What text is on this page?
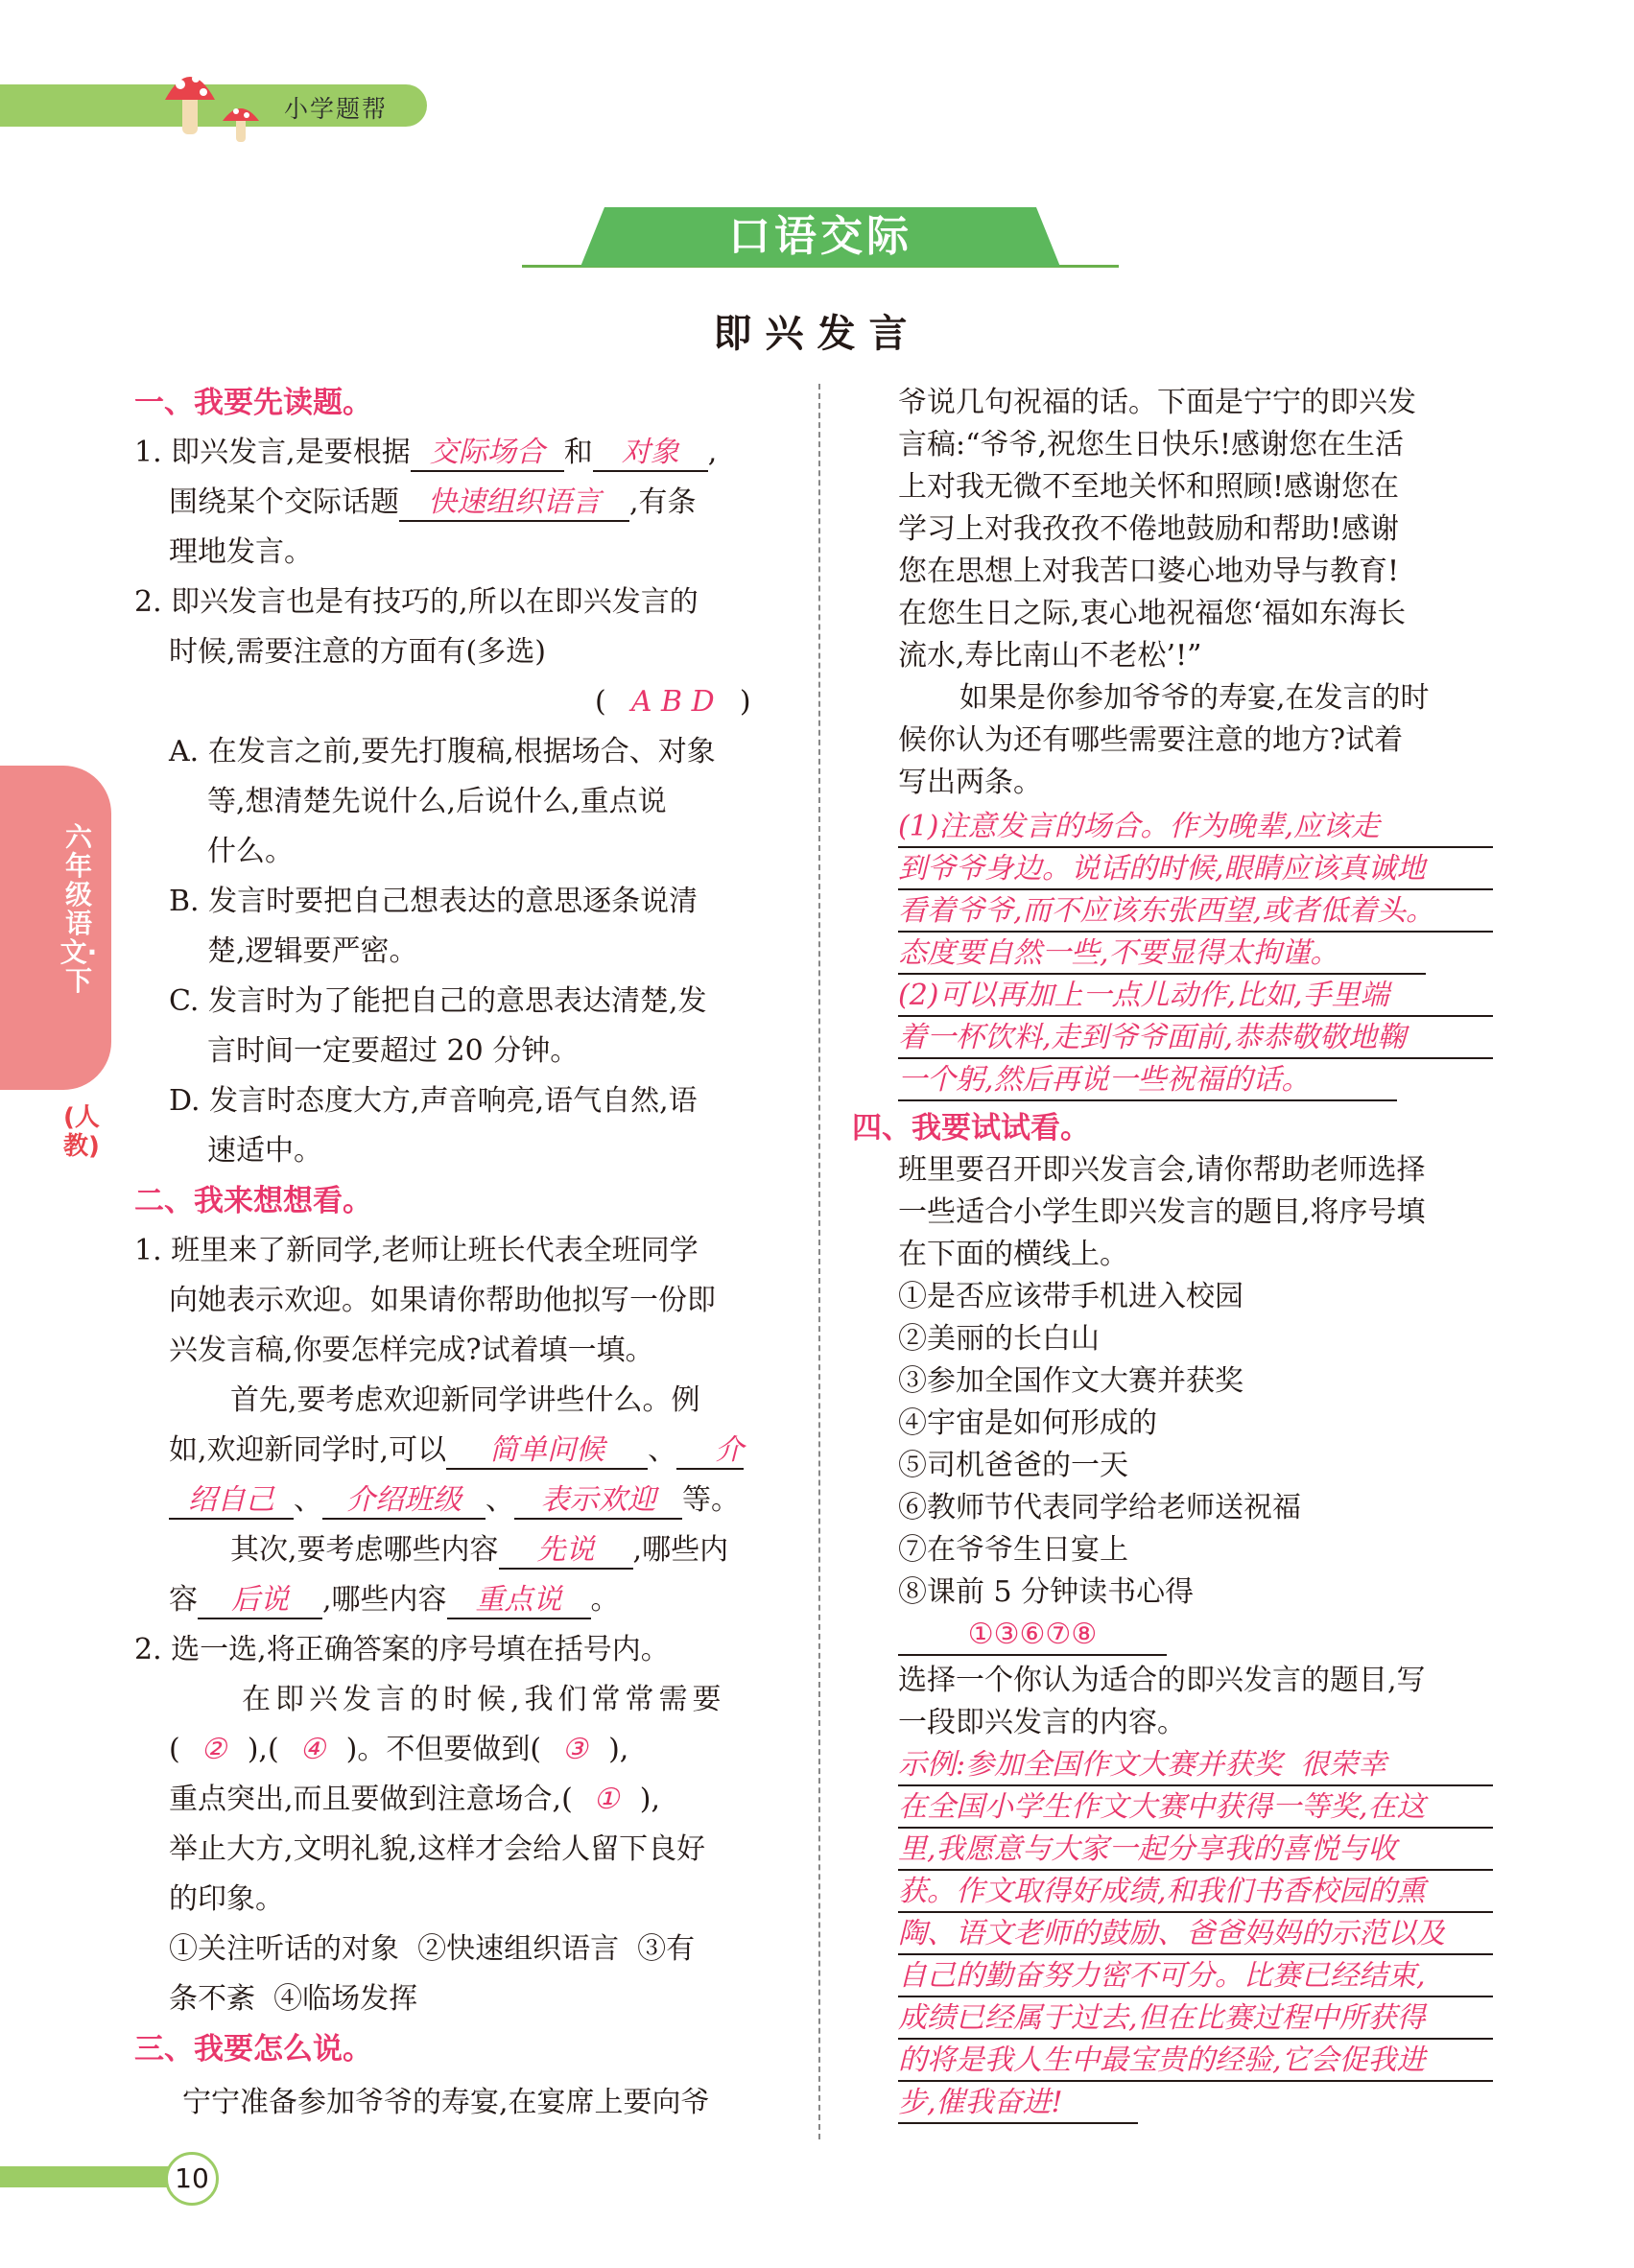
小学题帮
口语交际
即兴发言
六年级语文·下
(人教)
一、我要先读题。
1. 即兴发言,是要根据 交际场合 和 对象 ,
围绕某个交际话题 快速组织语言 ,有条
理地发言。
2. 即兴发言也是有技巧的,所以在即兴发言的
时候,需要注意的方面有(多选)
( A B D )
A. 在发言之前,要先打腹稿,根据场合、对象
等,想清楚先说什么,后说什么,重点说
什么。
B. 发言时要把自己想表达的意思逐条说清
楚,逻辑要严密。
C. 发言时为了能把自己的意思表达清楚,发
言时间一定要超过 20 分钟。
D. 发言时态度大方,声音响亮,语气自然,语
速适中。
二、我来想想看。
1. 班里来了新同学,老师让班长代表全班同学
向她表示欢迎。如果请你帮助他拟写一份即
兴发言稿,你要怎样完成?试着填一填。
首先,要考虑欢迎新同学讲些什么。例
如,欢迎新同学时,可以 简单问候 、 介
绍自己 、 介绍班级 、 表示欢迎 等。
其次,要考虑哪些内容 先说 ,哪些内
容 后说 ,哪些内容 重点说 。
2. 选一选,将正确答案的序号填在括号内。
在即兴发言的时候,我们常常需要
( ② ),( ④ )。不但要做到( ③ ),
重点突出,而且要做到注意场合,( ① ),
举止大方,文明礼貌,这样才会给人留下良好
的印象。
①关注听话的对象  ②快速组织语言  ③有
条不紊  ④临场发挥
三、我要怎么说。
宁宁准备参加爷爷的寿宴,在宴席上要向爷
爷说几句祝福的话。下面是宁宁的即兴发
言稿:“爷爷,祝您生日快乐!感谢您在生活
上对我无微不至地关怀和照顾!感谢您在
学习上对我孜孜不倦地鼓励和帮助!感谢
您在思想上对我苦口婆心地劝导与教育!
在您生日之际,衷心地祝福您‘福如东海长
流水,寿比南山不老松’!”
如果是你参加爷爷的寿宴,在发言的时
候你认为还有哪些需要注意的地方?试着
写出两条。
(1)注意发言的场合。作为晚辈,应该走
到爷爷身边。说话的时候,眼睛应该真诚地
看着爷爷,而不应该东张西望,或者低着头。
态度要自然一些,不要显得太拘谨。
(2)可以再加上一点儿动作,比如,手里端
着一杯饮料,走到爷爷面前,恭恭敬敬地鞠
一个躬,然后再说一些祝福的话。
四、我要试试看。
班里要召开即兴发言会,请你帮助老师选择
一些适合小学生即兴发言的题目,将序号填
在下面的横线上。
①是否应该带手机进入校园
②美丽的长白山
③参加全国作文大赛并获奖
④宇宙是如何形成的
⑤司机爸爸的一天
⑥教师节代表同学给老师送祝福
⑦在爷爷生日宴上
⑧课前 5 分钟读书心得
①③⑥⑦⑧
选择一个你认为适合的即兴发言的题目,写
一段即兴发言的内容。
示例:参加全国作文大赛并获奖  很荣幸
在全国小学生作文大赛中获得一等奖,在这
里,我愿意与大家一起分享我的喜悦与收
获。作文取得好成绩,和我们书香校园的熏
陶、语文老师的鼓励、爸爸妈妈的示范以及
自己的勤奋努力密不可分。比赛已经结束,
成绩已经属于过去,但在比赛过程中所获得
的将是我人生中最宝贵的经验,它会促我进
步,催我奋进!
10
